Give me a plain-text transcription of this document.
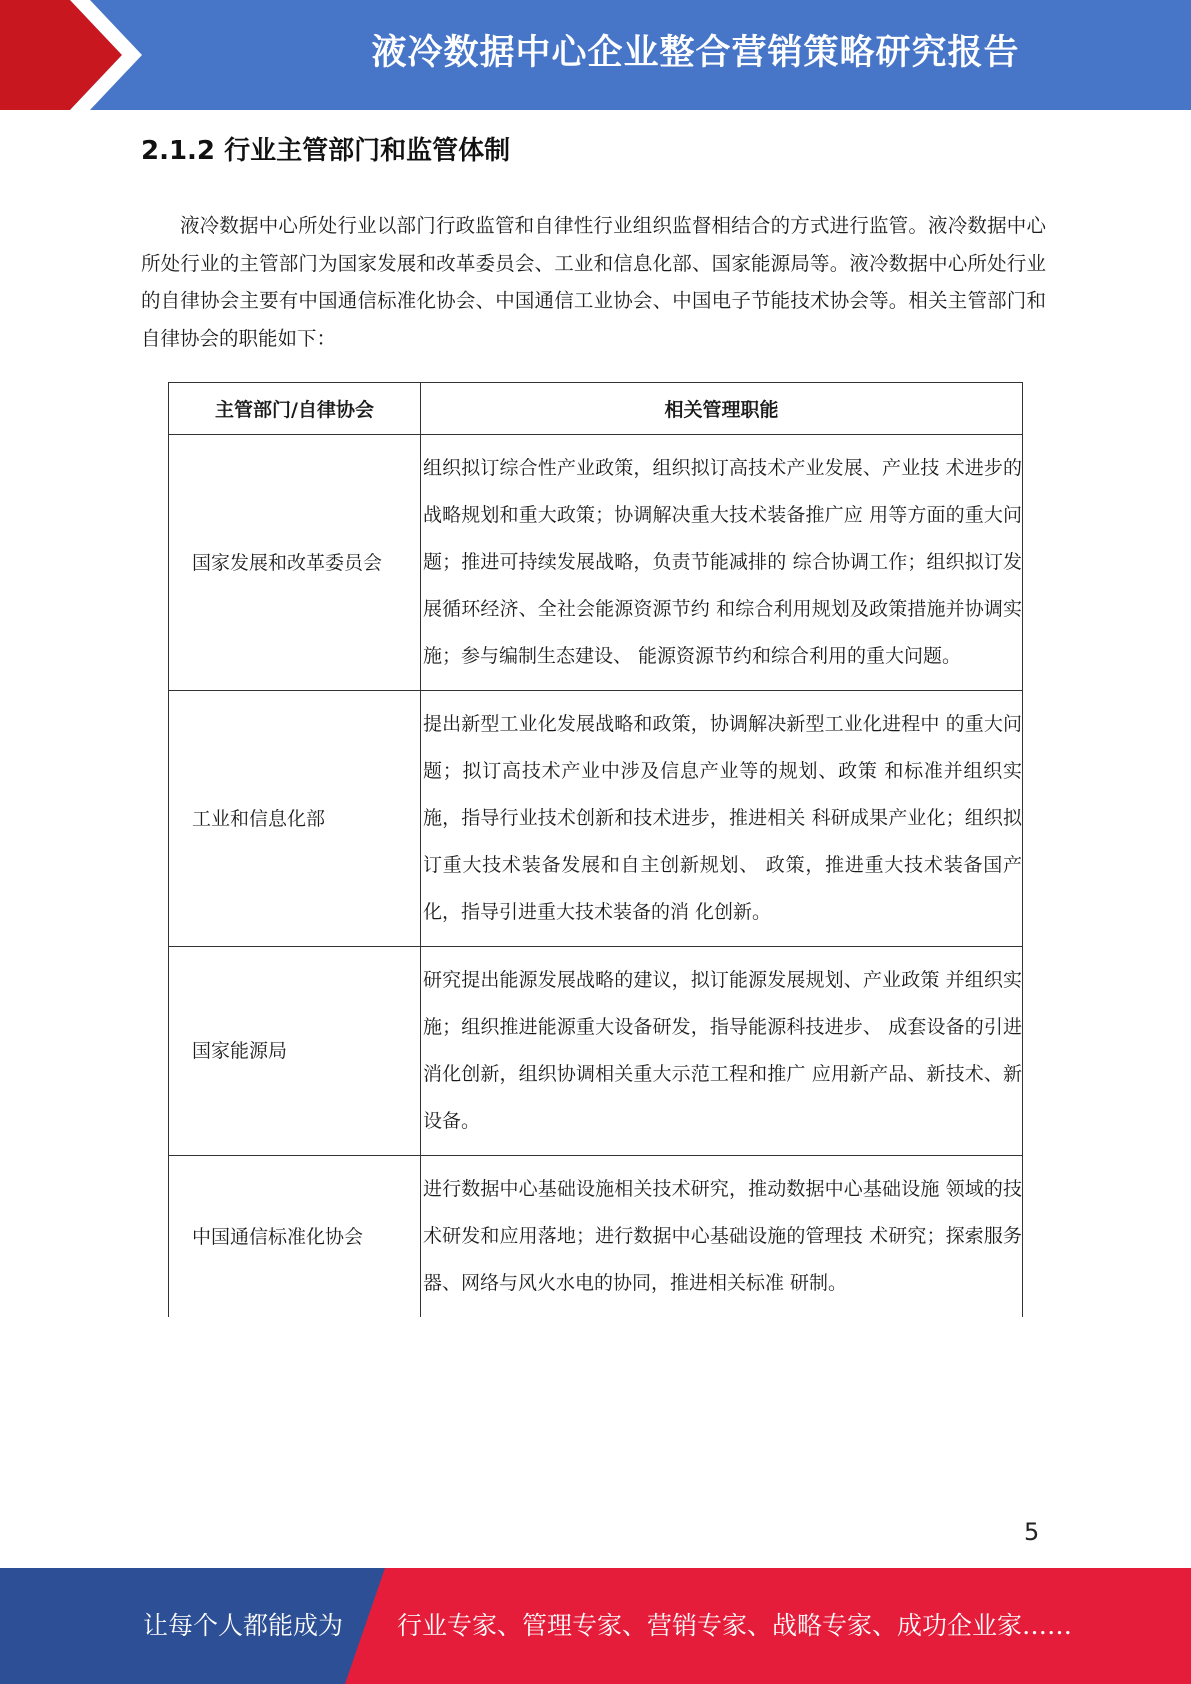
液冷数据中心企业整合营销策略研究报告
2.1.2 行业主管部门和监管体制

液冷数据中心所处行业以部门行政监管和自律性行业组织监督相结合的方式进行监管。液冷数据中心所处行业的主管部门为国家发展和改革委员会、工业和信息化部、国家能源局等。液冷数据中心所处行业的自律协会主要有中国通信标准化协会、中国通信工业协会、中国电子节能技术协会等。相关主管部门和自律协会的职能如下：

主管部门/自律协会	相关管理职能
国家发展和改革委员会	组织拟订综合性产业政策，组织拟订高技术产业发展、产业技 术进步的战略规划和重大政策；协调解决重大技术装备推广应 用等方面的重大问题；推进可持续发展战略，负责节能减排的 综合协调工作；组织拟订发展循环经济、全社会能源资源节约 和综合利用规划及政策措施并协调实施；参与编制生态建设、 能源资源节约和综合利用的重大问题。
工业和信息化部	提出新型工业化发展战略和政策，协调解决新型工业化进程中 的重大问题；拟订高技术产业中涉及信息产业等的规划、政策 和标准并组织实施，指导行业技术创新和技术进步，推进相关 科研成果产业化；组织拟订重大技术装备发展和自主创新规划、 政策，推进重大技术装备国产化，指导引进重大技术装备的消 化创新。
国家能源局	研究提出能源发展战略的建议，拟订能源发展规划、产业政策 并组织实施；组织推进能源重大设备研发，指导能源科技进步、 成套设备的引进消化创新，组织协调相关重大示范工程和推广 应用新产品、新技术、新设备。
中国通信标准化协会	进行数据中心基础设施相关技术研究，推动数据中心基础设施 领域的技术研发和应用落地；进行数据中心基础设施的管理技 术研究；探索服务器、网络与风火水电的协同，推进相关标准 研制。
5
让每个人都能成为 行业专家、管理专家、营销专家、战略专家、成功企业家……
